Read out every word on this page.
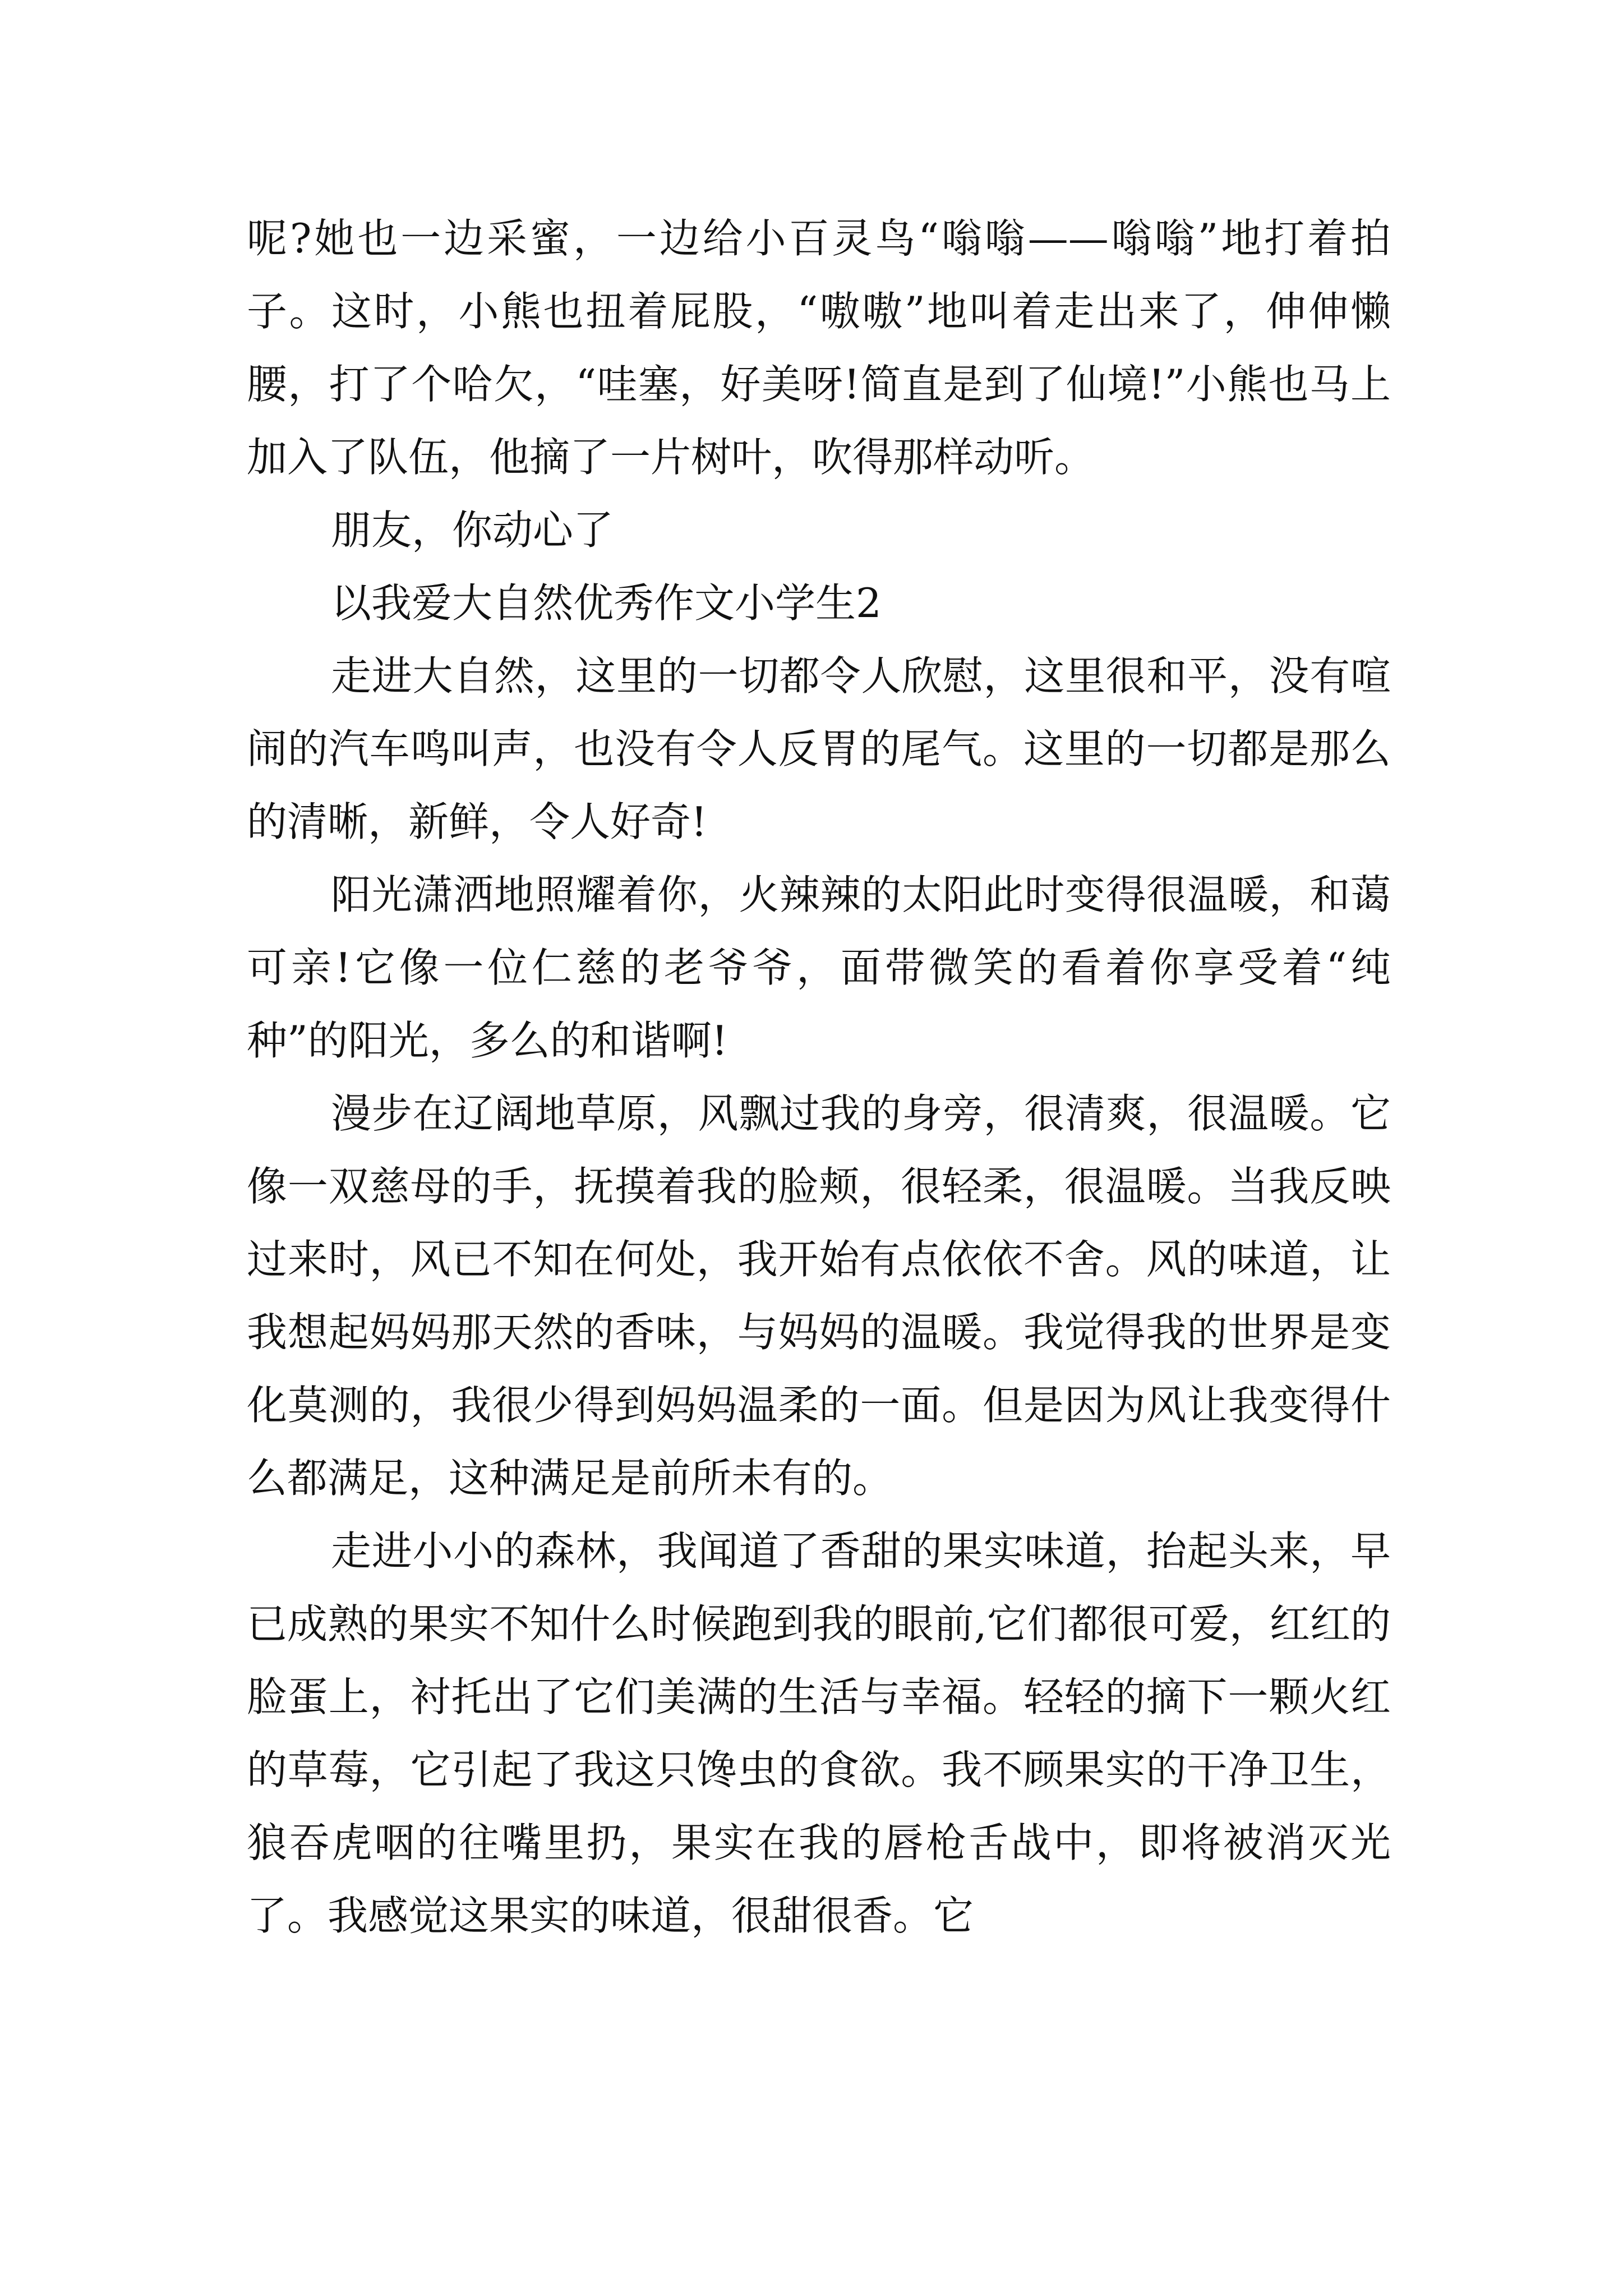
呢?她也一边采蜜，一边给小百灵鸟“嗡嗡——嗡嗡”地打着拍子。这时，小熊也扭着屁股，“嗷嗷”地叫着走出来了，伸伸懒腰，打了个哈欠，“哇塞，好美呀!简直是到了仙境!”小熊也马上加入了队伍，他摘了一片树叶，吹得那样动听。

朋友，你动心了

以我爱大自然优秀作文小学生2

走进大自然，这里的一切都令人欣慰，这里很和平，没有喧闹的汽车鸣叫声，也没有令人反胃的尾气。这里的一切都是那么的清晰，新鲜，令人好奇!

阳光潇洒地照耀着你，火辣辣的太阳此时变得很温暖，和蔼可亲!它像一位仁慈的老爷爷，面带微笑的看着你享受着“纯种”的阳光，多么的和谐啊!

漫步在辽阔地草原，风飘过我的身旁，很清爽，很温暖。它像一双慈母的手，抚摸着我的脸颊，很轻柔，很温暖。当我反映过来时，风已不知在何处，我开始有点依依不舍。风的味道，让我想起妈妈那天然的香味，与妈妈的温暖。我觉得我的世界是变化莫测的，我很少得到妈妈温柔的一面。但是因为风让我变得什么都满足，这种满足是前所未有的。

走进小小的森林，我闻道了香甜的果实味道，抬起头来，早已成熟的果实不知什么时候跑到我的眼前,它们都很可爱，红红的脸蛋上，衬托出了它们美满的生活与幸福。轻轻的摘下一颗火红的草莓，它引起了我这只馋虫的食欲。我不顾果实的干净卫生，狼吞虎咽的往嘴里扔，果实在我的唇枪舌战中，即将被消灭光了。我感觉这果实的味道，很甜很香。它
